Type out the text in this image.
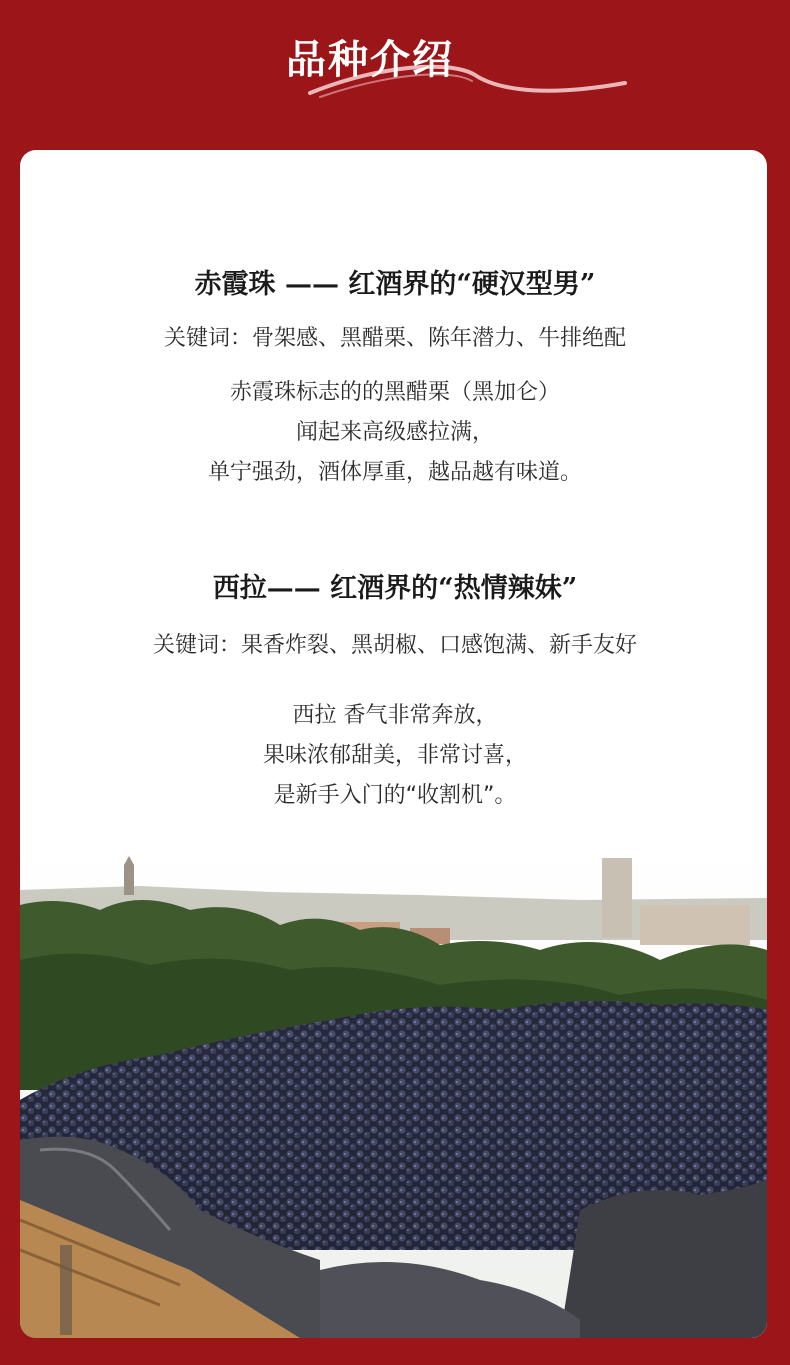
品种介绍
赤霞珠 —— 红酒界的“硬汉型男”
关键词：骨架感、黑醋栗、陈年潜力、牛排绝配
赤霞珠标志的的黑醋栗（黑加仑）
闻起来高级感拉满，
单宁强劲，酒体厚重，越品越有味道。
西拉—— 红酒界的“热情辣妹”
关键词：果香炸裂、黑胡椒、口感饱满、新手友好
西拉 香气非常奔放，
果味浓郁甜美，非常讨喜，
是新手入门的“收割机”。
